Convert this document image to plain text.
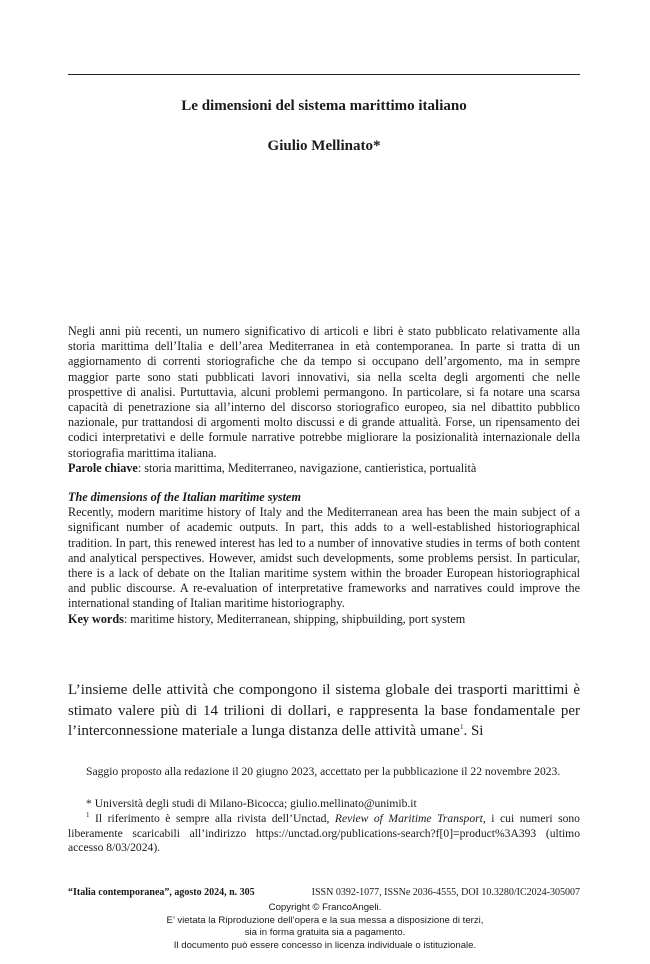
Le dimensioni del sistema marittimo italiano
Giulio Mellinato*
Negli anni più recenti, un numero significativo di articoli e libri è stato pubblicato relativamente alla storia marittima dell’Italia e dell’area Mediterranea in età contemporanea. In parte si tratta di un aggiornamento di correnti storiografiche che da tempo si occupano dell’argomento, ma in sempre maggior parte sono stati pubblicati lavori innovativi, sia nella scelta degli argomenti che nelle prospettive di analisi. Purtuttavia, alcuni problemi permangono. In particolare, si fa notare una scarsa capacità di penetrazione sia all’interno del discorso storiografico europeo, sia nel dibattito pubblico nazionale, pur trattandosi di argomenti molto discussi e di grande attualità. Forse, un ripensamento dei codici interpretativi e delle formule narrative potrebbe migliorare la posizionalità internazionale della storiografia marittima italiana.
Parole chiave: storia marittima, Mediterraneo, navigazione, cantieristica, portualità
The dimensions of the Italian maritime system
Recently, modern maritime history of Italy and the Mediterranean area has been the main subject of a significant number of academic outputs. In part, this adds to a well-established historiographical tradition. In part, this renewed interest has led to a number of innovative studies in terms of both content and analytical perspectives. However, amidst such developments, some problems persist. In particular, there is a lack of debate on the Italian maritime system within the broader European historiographical and public discourse. A re-evaluation of interpretative frameworks and narratives could improve the international standing of Italian maritime historiography.
Key words: maritime history, Mediterranean, shipping, shipbuilding, port system
L’insieme delle attività che compongono il sistema globale dei trasporti marittimi è stimato valere più di 14 trilioni di dollari, e rappresenta la base fondamentale per l’interconnessione materiale a lunga distanza delle attività umane$^1$. Si

Saggio proposto alla redazione il 20 giugno 2023, accettato per la pubblicazione il 22 novembre 2023.

* Università degli studi di Milano-Bicocca; giulio.mellinato@unimib.it

$^1$ Il riferimento è sempre alla rivista dell’Unctad, Review of Maritime Transport, i cui numeri sono liberamente scaricabili all’indirizzo https://unctad.org/publications-search?f[0]=product%3A393 (ultimo accesso 8/03/2024).

“Italia contemporanea”, agosto 2024, n. 305	ISSN 0392-1077, ISSNe 2036-4555, DOI 10.3280/IC2024-305007
Copyright © FrancoAngeli.
E’ vietata la Riproduzione dell’opera e la sua messa a disposizione di terzi,
sia in forma gratuita sia a pagamento.
Il documento può essere concesso in licenza individuale o istituzionale.
